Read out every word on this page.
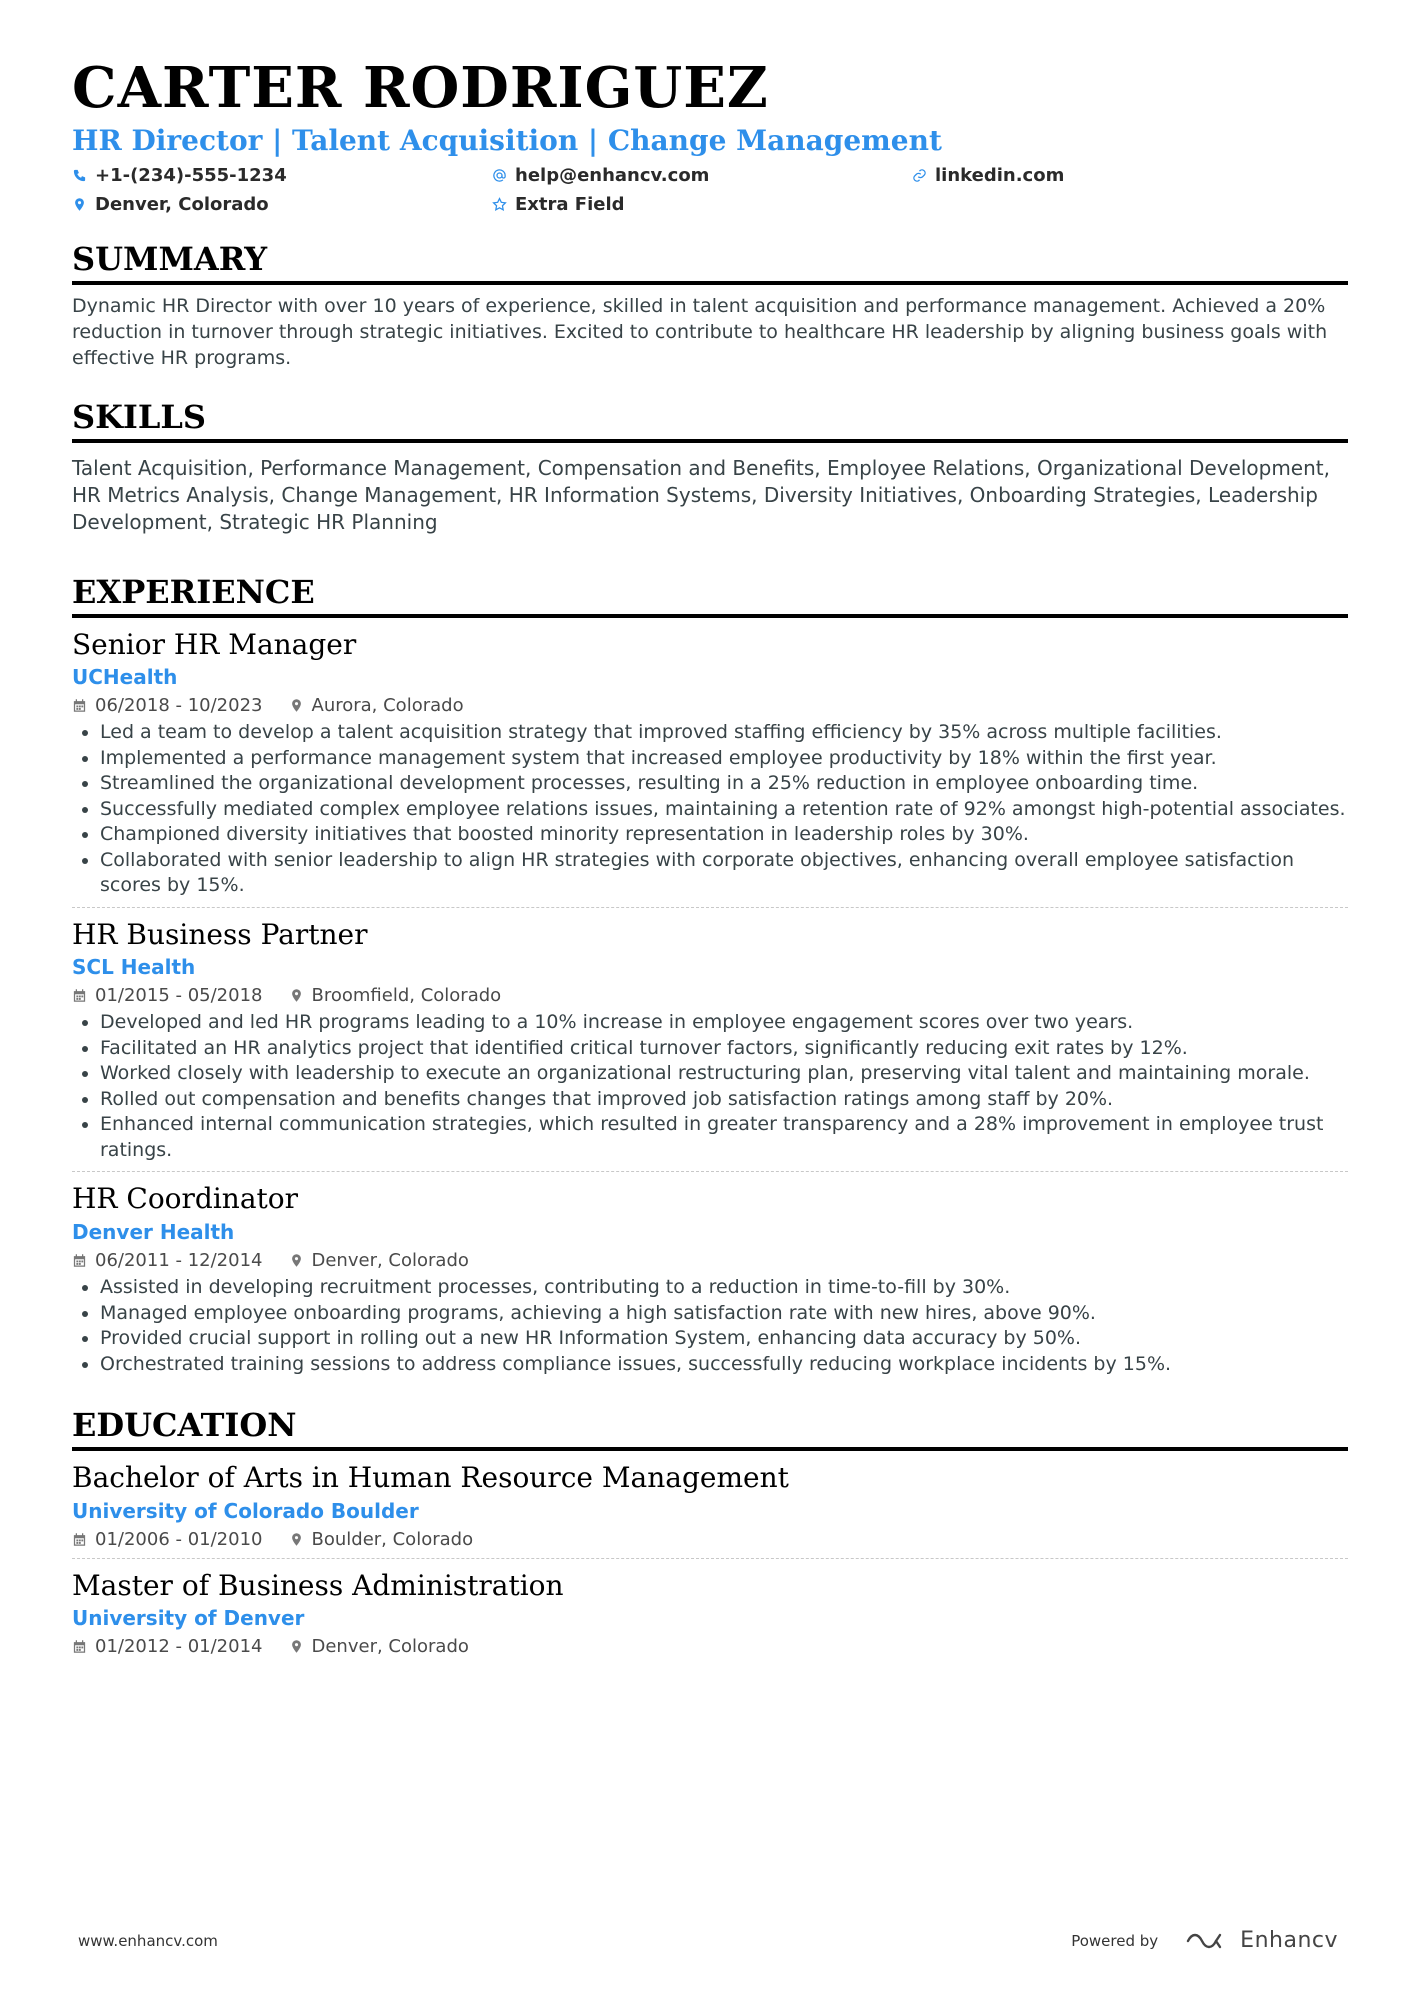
CARTER RODRIGUEZ
HR Director | Talent Acquisition | Change Management
+1-(234)-555-1234	help@enhancv.com	linkedin.com
Denver, Colorado	Extra Field
SUMMARY
Dynamic HR Director with over 10 years of experience, skilled in talent acquisition and performance management. Achieved a 20% reduction in turnover through strategic initiatives. Excited to contribute to healthcare HR leadership by aligning business goals with effective HR programs.
SKILLS
Talent Acquisition, Performance Management, Compensation and Benefits, Employee Relations, Organizational Development, HR Metrics Analysis, Change Management, HR Information Systems, Diversity Initiatives, Onboarding Strategies, Leadership Development, Strategic HR Planning
EXPERIENCE
Senior HR Manager
UCHealth
06/2018 - 10/2023	Aurora, Colorado
• Led a team to develop a talent acquisition strategy that improved staffing efficiency by 35% across multiple facilities.
• Implemented a performance management system that increased employee productivity by 18% within the first year.
• Streamlined the organizational development processes, resulting in a 25% reduction in employee onboarding time.
• Successfully mediated complex employee relations issues, maintaining a retention rate of 92% amongst high-potential associates.
• Championed diversity initiatives that boosted minority representation in leadership roles by 30%.
• Collaborated with senior leadership to align HR strategies with corporate objectives, enhancing overall employee satisfaction scores by 15%.
HR Business Partner
SCL Health
01/2015 - 05/2018	Broomfield, Colorado
• Developed and led HR programs leading to a 10% increase in employee engagement scores over two years.
• Facilitated an HR analytics project that identified critical turnover factors, significantly reducing exit rates by 12%.
• Worked closely with leadership to execute an organizational restructuring plan, preserving vital talent and maintaining morale.
• Rolled out compensation and benefits changes that improved job satisfaction ratings among staff by 20%.
• Enhanced internal communication strategies, which resulted in greater transparency and a 28% improvement in employee trust ratings.
HR Coordinator
Denver Health
06/2011 - 12/2014	Denver, Colorado
• Assisted in developing recruitment processes, contributing to a reduction in time-to-fill by 30%.
• Managed employee onboarding programs, achieving a high satisfaction rate with new hires, above 90%.
• Provided crucial support in rolling out a new HR Information System, enhancing data accuracy by 50%.
• Orchestrated training sessions to address compliance issues, successfully reducing workplace incidents by 15%.
EDUCATION
Bachelor of Arts in Human Resource Management
University of Colorado Boulder
01/2006 - 01/2010	Boulder, Colorado
Master of Business Administration
University of Denver
01/2012 - 01/2014	Denver, Colorado
www.enhancv.com	Powered by	Enhancv
